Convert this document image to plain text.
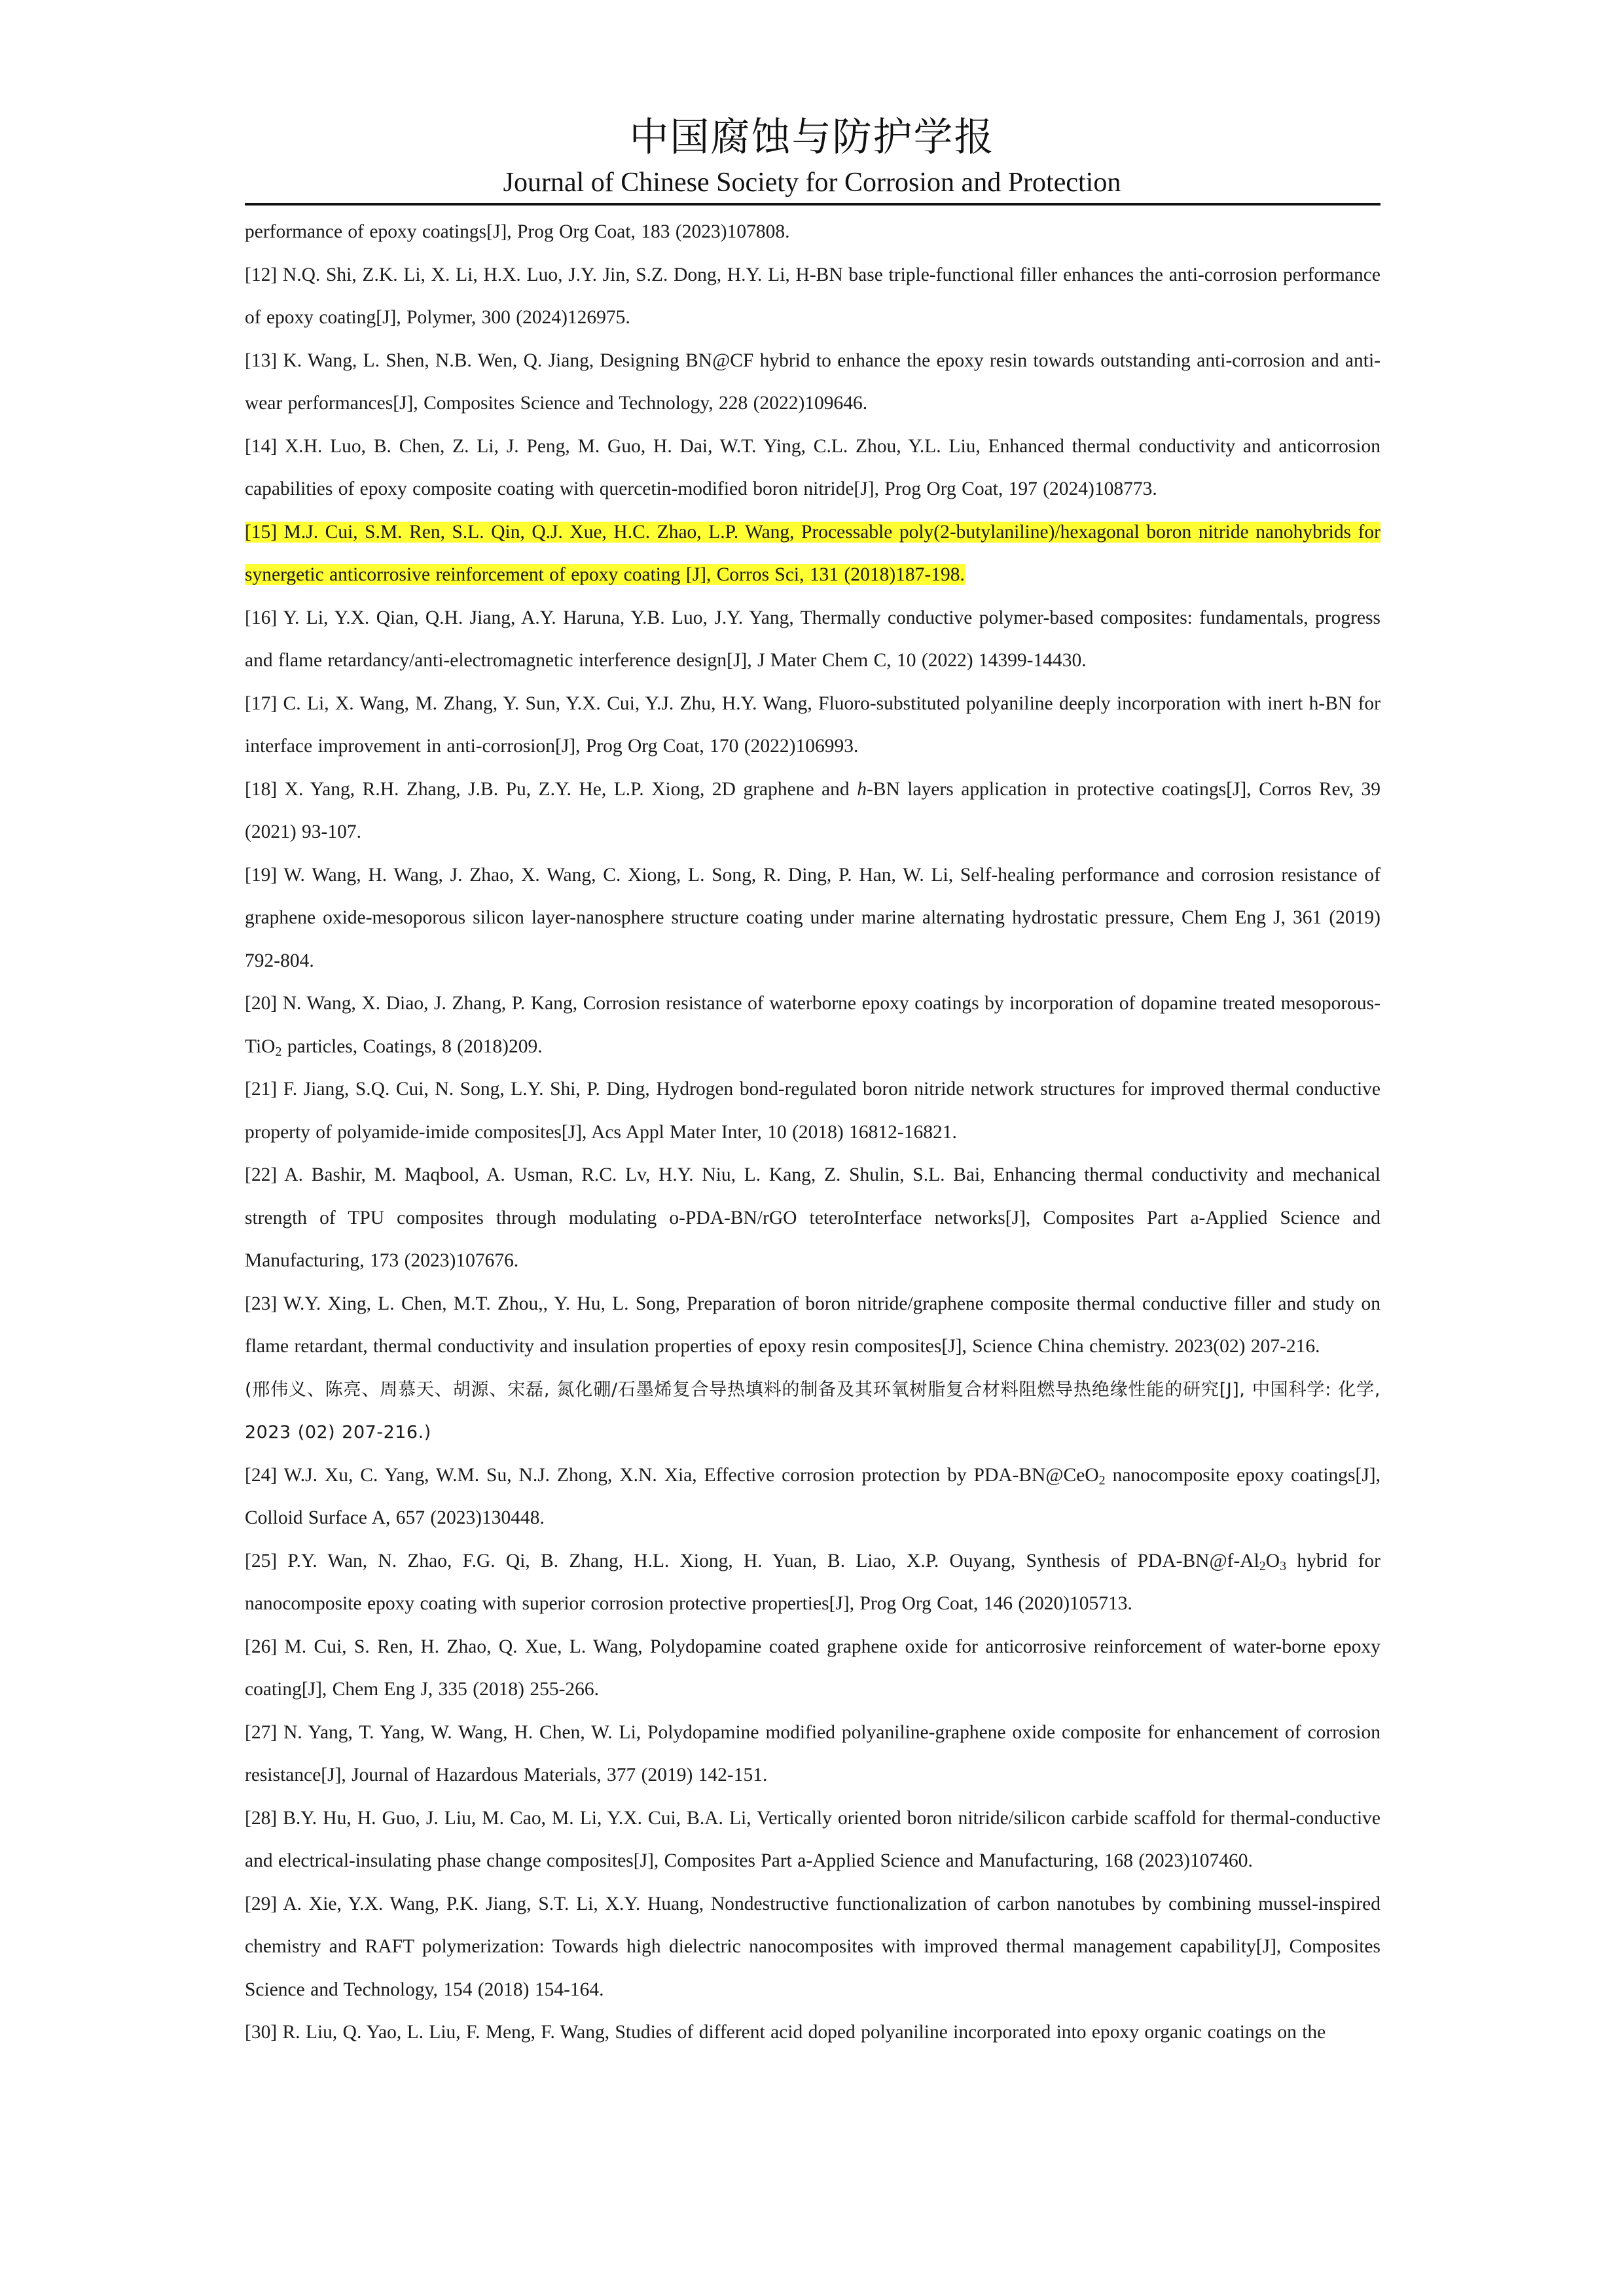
中国腐蚀与防护学报
Journal of Chinese Society for Corrosion and Protection
performance of epoxy coatings[J], Prog Org Coat, 183 (2023)107808.
[12] N.Q. Shi, Z.K. Li, X. Li, H.X. Luo, J.Y. Jin, S.Z. Dong, H.Y. Li, H-BN base triple-functional filler enhances the anti-corrosion performance of epoxy coating[J], Polymer, 300 (2024)126975.
[13] K. Wang, L. Shen, N.B. Wen, Q. Jiang, Designing BN@CF hybrid to enhance the epoxy resin towards outstanding anti-corrosion and anti-wear performances[J], Composites Science and Technology, 228 (2022)109646.
[14] X.H. Luo, B. Chen, Z. Li, J. Peng, M. Guo, H. Dai, W.T. Ying, C.L. Zhou, Y.L. Liu, Enhanced thermal conductivity and anticorrosion capabilities of epoxy composite coating with quercetin-modified boron nitride[J], Prog Org Coat, 197 (2024)108773.
[15] M.J. Cui, S.M. Ren, S.L. Qin, Q.J. Xue, H.C. Zhao, L.P. Wang, Processable poly(2-butylaniline)/hexagonal boron nitride nanohybrids for synergetic anticorrosive reinforcement of epoxy coating [J], Corros Sci, 131 (2018)187-198.
[16] Y. Li, Y.X. Qian, Q.H. Jiang, A.Y. Haruna, Y.B. Luo, J.Y. Yang, Thermally conductive polymer-based composites: fundamentals, progress and flame retardancy/anti-electromagnetic interference design[J], J Mater Chem C, 10 (2022) 14399-14430.
[17] C. Li, X. Wang, M. Zhang, Y. Sun, Y.X. Cui, Y.J. Zhu, H.Y. Wang, Fluoro-substituted polyaniline deeply incorporation with inert h-BN for interface improvement in anti-corrosion[J], Prog Org Coat, 170 (2022)106993.
[18] X. Yang, R.H. Zhang, J.B. Pu, Z.Y. He, L.P. Xiong, 2D graphene and h-BN layers application in protective coatings[J], Corros Rev, 39 (2021) 93-107.
[19] W. Wang, H. Wang, J. Zhao, X. Wang, C. Xiong, L. Song, R. Ding, P. Han, W. Li, Self-healing performance and corrosion resistance of graphene oxide-mesoporous silicon layer-nanosphere structure coating under marine alternating hydrostatic pressure, Chem Eng J, 361 (2019) 792-804.
[20] N. Wang, X. Diao, J. Zhang, P. Kang, Corrosion resistance of waterborne epoxy coatings by incorporation of dopamine treated mesoporous-TiO$_2$ particles, Coatings, 8 (2018)209.
[21] F. Jiang, S.Q. Cui, N. Song, L.Y. Shi, P. Ding, Hydrogen bond-regulated boron nitride network structures for improved thermal conductive property of polyamide-imide composites[J], Acs Appl Mater Inter, 10 (2018) 16812-16821.
[22] A. Bashir, M. Maqbool, A. Usman, R.C. Lv, H.Y. Niu, L. Kang, Z. Shulin, S.L. Bai, Enhancing thermal conductivity and mechanical strength of TPU composites through modulating o-PDA-BN/rGO teteroInterface networks[J], Composites Part a-Applied Science and Manufacturing, 173 (2023)107676.
[23] W.Y. Xing, L. Chen, M.T. Zhou,, Y. Hu, L. Song, Preparation of boron nitride/graphene composite thermal conductive filler and study on flame retardant, thermal conductivity and insulation properties of epoxy resin composites[J], Science China chemistry. 2023(02) 207-216.
(邢伟义、陈亮、周慕天、胡源、宋磊, 氮化硼/石墨烯复合导热填料的制备及其环氧树脂复合材料阻燃导热绝缘性能的研究[J], 中国科学: 化学, 2023 (02) 207-216.)
[24] W.J. Xu, C. Yang, W.M. Su, N.J. Zhong, X.N. Xia, Effective corrosion protection by PDA-BN@CeO$_2$ nanocomposite epoxy coatings[J], Colloid Surface A, 657 (2023)130448.
[25] P.Y. Wan, N. Zhao, F.G. Qi, B. Zhang, H.L. Xiong, H. Yuan, B. Liao, X.P. Ouyang, Synthesis of PDA-$BN@f-Al_2O_3$ hybrid for nanocomposite epoxy coating with superior corrosion protective properties[J], Prog Org Coat, 146 (2020)105713.
[26] M. Cui, S. Ren, H. Zhao, Q. Xue, L. Wang, Polydopamine coated graphene oxide for anticorrosive reinforcement of water-borne epoxy coating[J], Chem Eng J, 335 (2018) 255-266.
[27] N. Yang, T. Yang, W. Wang, H. Chen, W. Li, Polydopamine modified polyaniline-graphene oxide composite for enhancement of corrosion resistance[J], Journal of Hazardous Materials, 377 (2019) 142-151.
[28] B.Y. Hu, H. Guo, J. Liu, M. Cao, M. Li, Y.X. Cui, B.A. Li, Vertically oriented boron nitride/silicon carbide scaffold for thermal-conductive and electrical-insulating phase change composites[J], Composites Part a-Applied Science and Manufacturing, 168 (2023)107460.
[29] A. Xie, Y.X. Wang, P.K. Jiang, S.T. Li, X.Y. Huang, Nondestructive functionalization of carbon nanotubes by combining mussel-inspired chemistry and RAFT polymerization: Towards high dielectric nanocomposites with improved thermal management capability[J], Composites Science and Technology, 154 (2018) 154-164.
[30] R. Liu, Q. Yao, L. Liu, F. Meng, F. Wang, Studies of different acid doped polyaniline incorporated into epoxy organic coatings on the
